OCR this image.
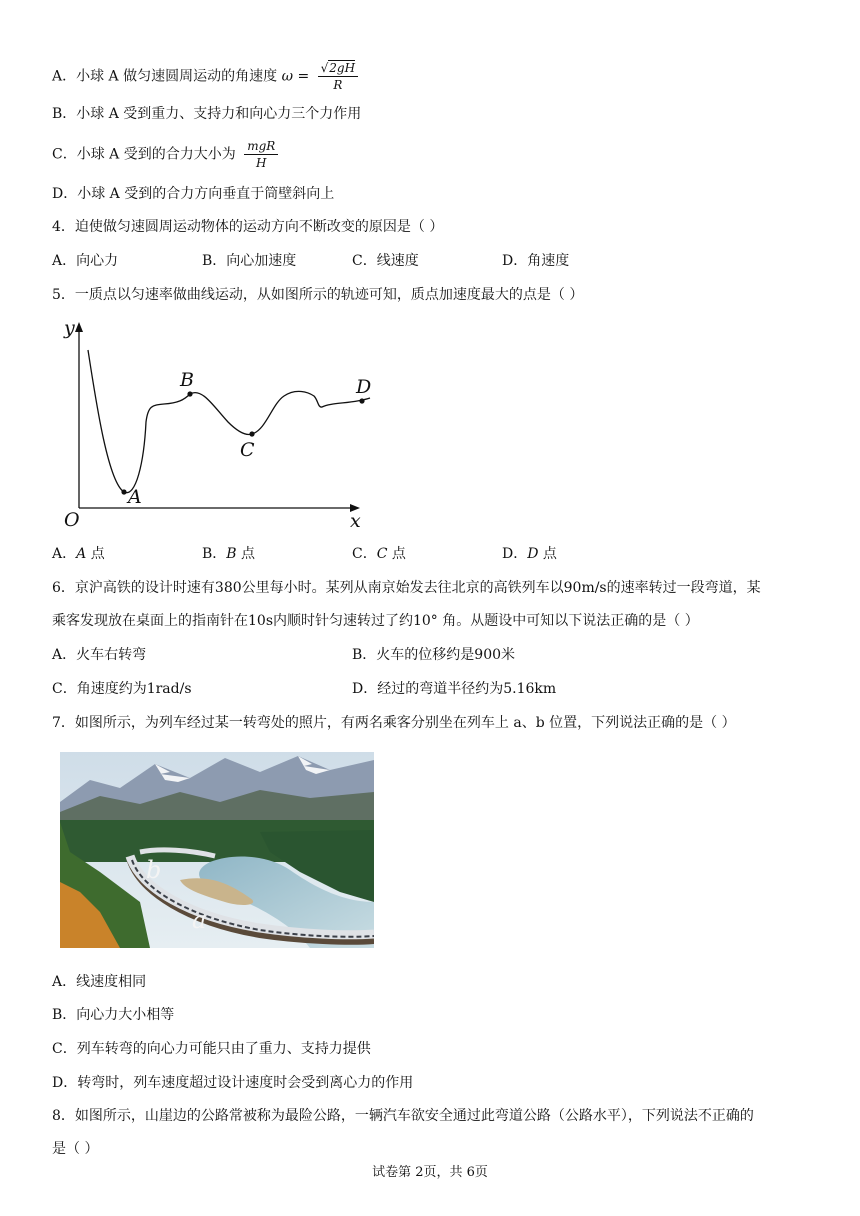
A．小球 A 做匀速圆周运动的角速度 $\omega = \frac{√2gH}{R}$
B．小球 A 受到重力、支持力和向心力三个力作用
C．小球 A 受到的合力大小为 $\frac{\text{mgR}}{H}$
D．小球 A 受到的合力方向垂直于筒壁斜向上
4．迫使做匀速圆周运动物体的运动方向不断改变的原因是（ ）
A．向心力	B．向心加速度	C．线速度	D．角速度
5．一质点以匀速率做曲线运动，从如图所示的轨迹可知，质点加速度最大的点是（ ）
y
x
O
A
B
C
D
A．A 点	B．B 点	C．C 点	D．D 点
6．京沪高铁的设计时速有380公里每小时。某列从南京始发去往北京的高铁列车以90m/s的速率转过一段弯道，某
乘客发现放在桌面上的指南针在10s内顺时针匀速转过了约10° 角。从题设中可知以下说法正确的是（ ）
A．火车右转弯	B．火车的位移约是900米
C．角速度约为1rad/s	D．经过的弯道半径约为5.16km
7．如图所示，为列车经过某一转弯处的照片，有两名乘客分别坐在列车上 a、b 位置，下列说法正确的是（ ）
b
a
A．线速度相同
B．向心力大小相等
C．列车转弯的向心力可能只由了重力、支持力提供
D．转弯时，列车速度超过设计速度时会受到离心力的作用
8．如图所示，山崖边的公路常被称为最险公路，一辆汽车欲安全通过此弯道公路（公路水平），下列说法不正确的
是（ ）
试卷第 2页，共 6页
